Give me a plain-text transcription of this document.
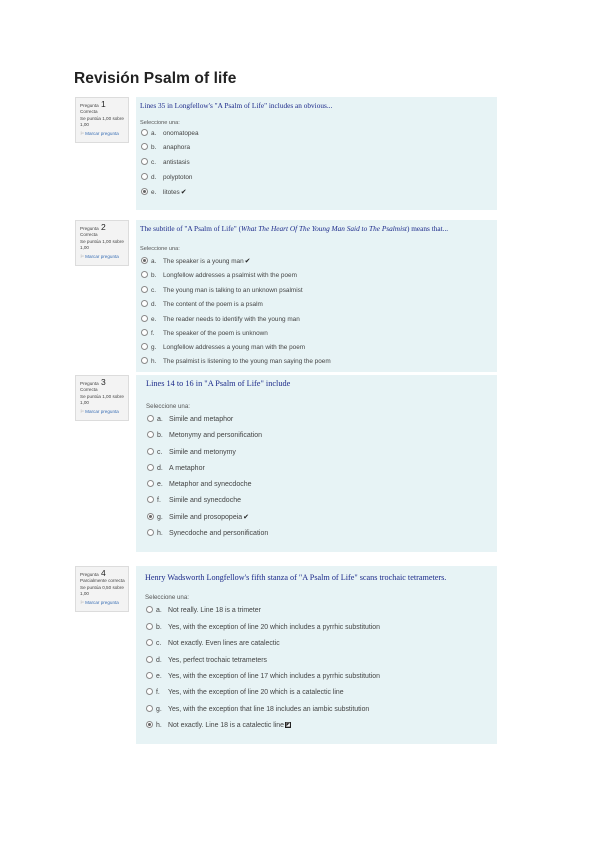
Revisión Psalm of life
Pregunta 1
Correcta
Se puntúa 1,00 sobre 1,00
⚐Marcar pregunta
Lines 35 in Longfellow's "A Psalm of Life" includes an obvious...
Seleccione una:
a. onomatopea
b. anaphora
c. antistasis
d. polyptoton
e. litotes✔
Pregunta 2
Correcta
Se puntúa 1,00 sobre 1,00
⚐Marcar pregunta
The subtitle of "A Psalm of Life" (What The Heart Of The Young Man Said to The Psalmist) means that...
Seleccione una:
a. The speaker is a young man✔
b. Longfellow addresses a psalmist with the poem
c. The young man is talking to an unknown psalmist
d. The content of the poem is a psalm
e. The reader needs to identify with the young man
f. The speaker of the poem is unknown
g. Longfellow addresses a young man with the poem
h. The psalmist is listening to the young man saying the poem
Pregunta 3
Correcta
Se puntúa 1,00 sobre 1,00
⚐Marcar pregunta
Lines 14 to 16 in "A Psalm of Life" include
Seleccione una:
a. Simile and metaphor
b. Metonymy and personification
c. Simile and metonymy
d. A metaphor
e. Metaphor and synecdoche
f. Simile and synecdoche
g. Simile and prosopopeia✔
h. Synecdoche and personification
Pregunta 4
Parcialmente correcta
Se puntúa 0,50 sobre 1,00
⚐Marcar pregunta
Henry Wadsworth Longfellow's fifth stanza of "A Psalm of Life" scans trochaic tetrameters.
Seleccione una:
a. Not really. Line 18 is a trimeter
b. Yes, with the exception of line 20 which includes a pyrrhic substitution
c. Not exactly. Even lines are catalectic
d. Yes, perfect trochaic tetrameters
e. Yes, with the exception of line 17 which includes a pyrrhic substitution
f. Yes, with the exception of line 20 which is a catalectic line
g. Yes, with the exception that line 18 includes an iambic substitution
h. Not exactly. Line 18 is a catalectic line ◪
